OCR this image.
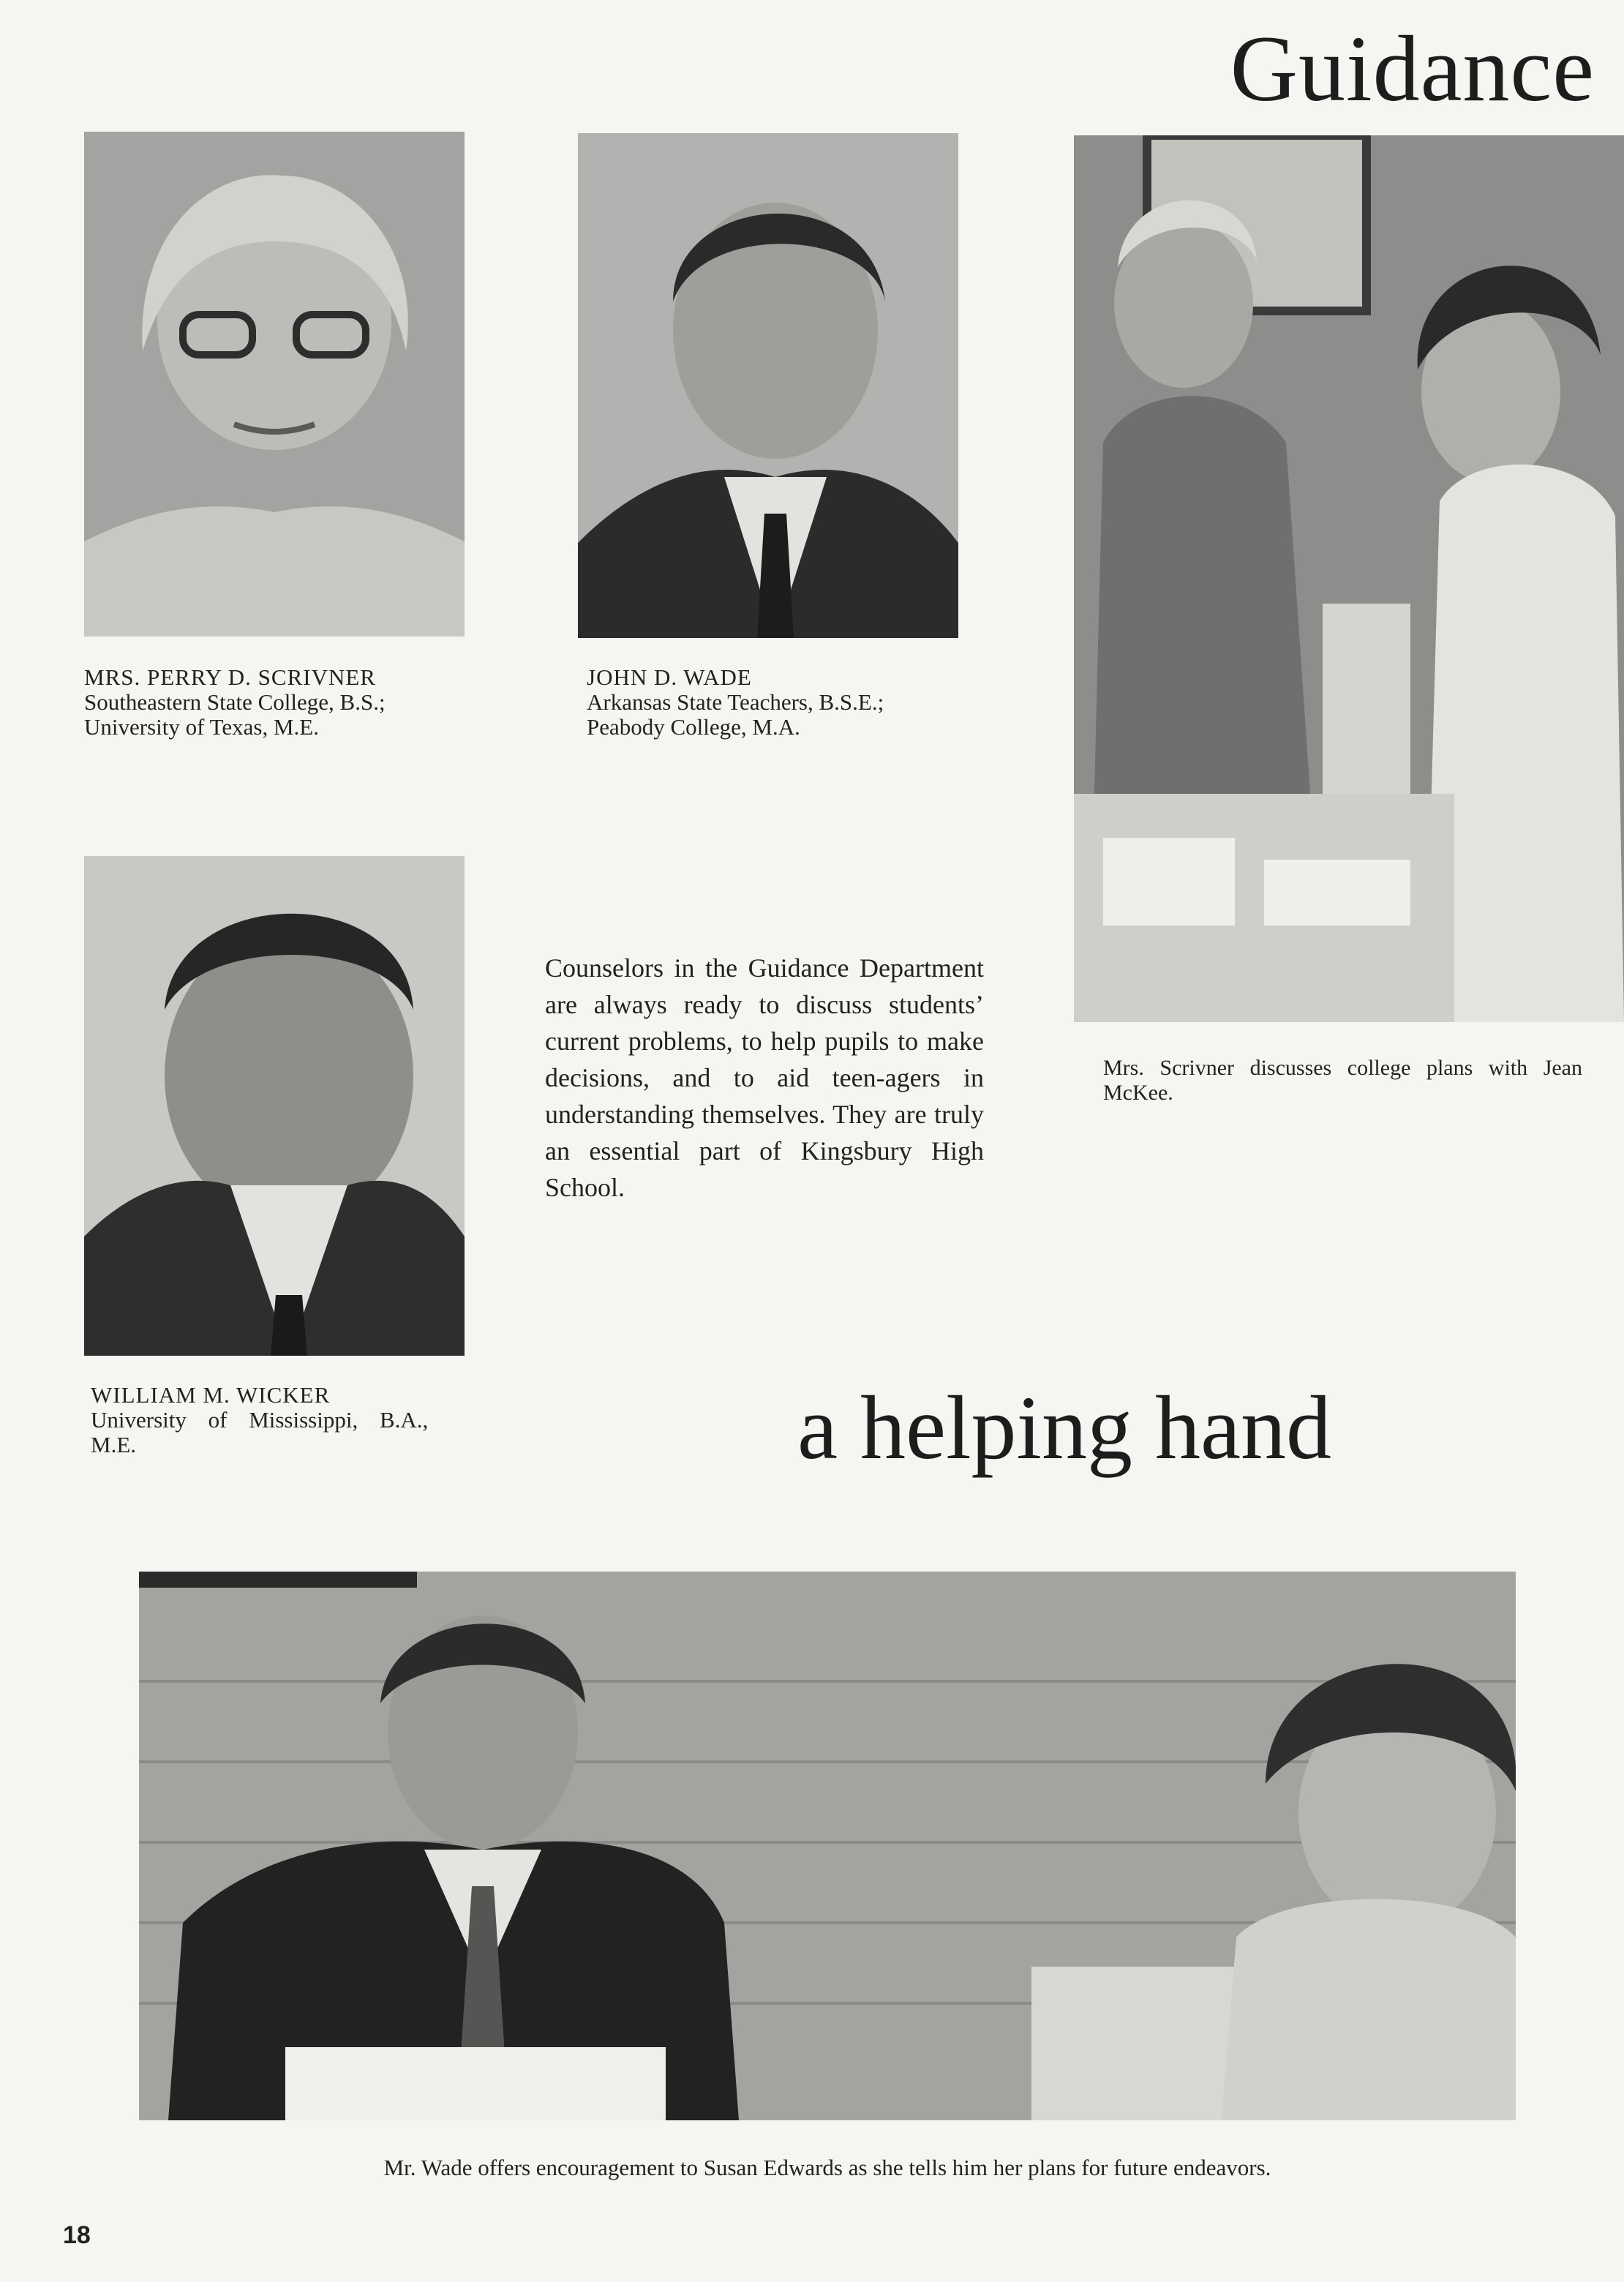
Guidance
MRS. PERRY D. SCRIVNER
Southeastern State College, B.S.;
University of Texas, M.E.
JOHN D. WADE
Arkansas State Teachers, B.S.E.;
Peabody College, M.A.
Counselors in the Guidance Department are always ready to discuss students’ current problems, to help pupils to make decisions, and to aid teen-agers in understanding themselves. They are truly an essential part of Kingsbury High School.
Mrs. Scrivner discusses college plans with Jean McKee.
WILLIAM M. WICKER
University of Mississippi, B.A.,
M.E.	a helping hand
Mr. Wade offers encouragement to Susan Edwards as she tells him her plans for future endeavors.
18
